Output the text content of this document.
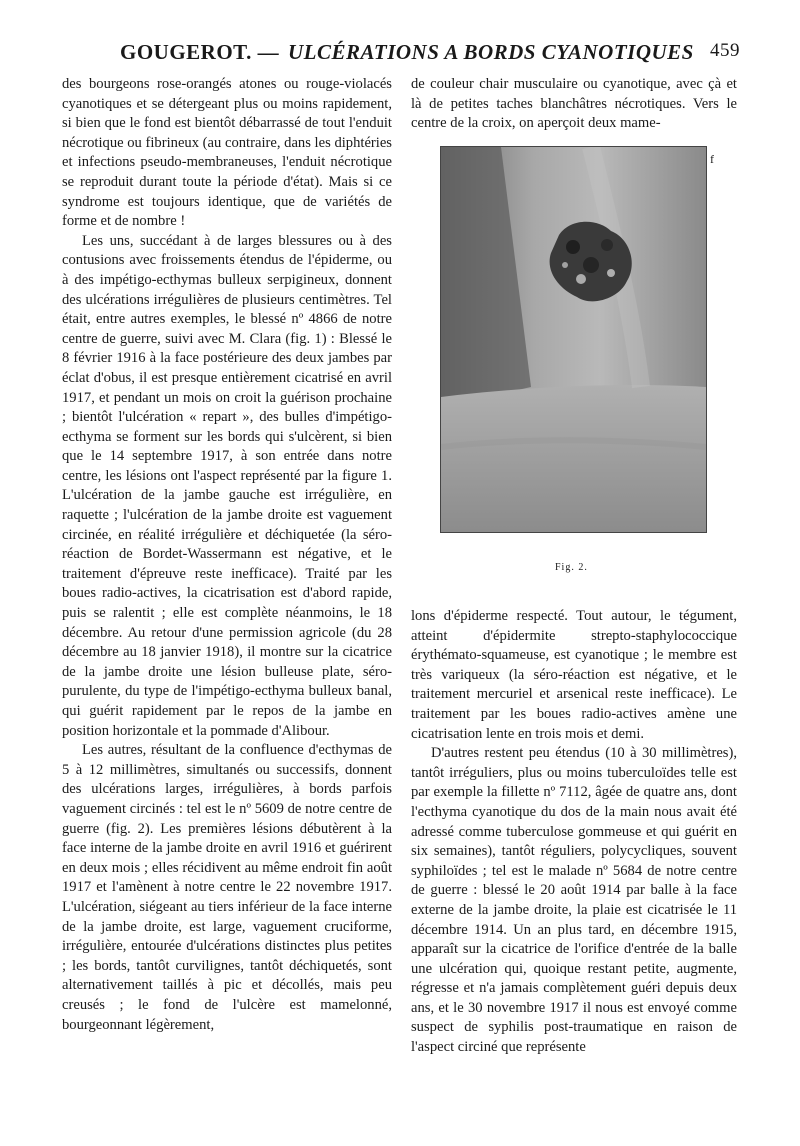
GOUGEROT. — ULCÉRATIONS A BORDS CYANOTIQUES 459

des bourgeons rose-orangés atones ou rouge-violacés cyanotiques et se détergeant plus ou moins rapidement, si bien que le fond est bientôt débarrassé de tout l'enduit nécrotique ou fibrineux (au contraire, dans les diphtéries et infections pseudo-membraneuses, l'enduit nécrotique se reproduit durant toute la période d'état). Mais si ce syndrome est toujours identique, que de variétés de forme et de nombre !

Les uns, succédant à de larges blessures ou à des contusions avec froissements étendus de l'épiderme, ou à des impétigo-ecthymas bulleux serpigineux, donnent des ulcérations irrégulières de plusieurs centimètres. Tel était, entre autres exemples, le blessé nº 4866 de notre centre de guerre, suivi avec M. Clara (fig. 1) : Blessé le 8 février 1916 à la face postérieure des deux jambes par éclat d'obus, il est presque entièrement cicatrisé en avril 1917, et pendant un mois on croit la guérison prochaine ; bientôt l'ulcération « repart », des bulles d'impétigo-ecthyma se forment sur les bords qui s'ulcèrent, si bien que le 14 septembre 1917, à son entrée dans notre centre, les lésions ont l'aspect représenté par la figure 1. L'ulcération de la jambe gauche est irrégulière, en raquette ; l'ulcération de la jambe droite est vaguement circinée, en réalité irrégulière et déchiquetée (la séro-réaction de Bordet-Wassermann est négative, et le traitement d'épreuve reste inefficace). Traité par les boues radio-actives, la cicatrisation est d'abord rapide, puis se ralentit ; elle est complète néanmoins, le 18 décembre. Au retour d'une permission agricole (du 28 décembre au 18 janvier 1918), il montre sur la cicatrice de la jambe droite une lésion bulleuse plate, séro-purulente, du type de l'impétigo-ecthyma bulleux banal, qui guérit rapidement par le repos de la jambe en position horizontale et la pommade d'Alibour.

Les autres, résultant de la confluence d'ecthymas de 5 à 12 millimètres, simultanés ou successifs, donnent des ulcérations larges, irrégulières, à bords parfois vaguement circinés : tel est le nº 5609 de notre centre de guerre (fig. 2). Les premières lésions débutèrent à la face interne de la jambe droite en avril 1916 et guérirent en deux mois ; elles récidivent au même endroit fin août 1917 et l'amènent à notre centre le 22 novembre 1917. L'ulcération, siégeant au tiers inférieur de la face interne de la jambe droite, est large, vaguement cruciforme, irrégulière, entourée d'ulcérations distinctes plus petites ; les bords, tantôt curvilignes, tantôt déchiquetés, sont alternativement taillés à pic et décollés, mais peu creusés ; le fond de l'ulcère est mamelonné, bourgeonnant légèrement,

de couleur chair musculaire ou cyanotique, avec çà et là de petites taches blanchâtres nécrotiques. Vers le centre de la croix, on aperçoit deux mame-

f
Fig. 2.

lons d'épiderme respecté. Tout autour, le tégument, atteint d'épidermite strepto-staphylococcique érythémato-squameuse, est cyanotique ; le membre est très variqueux (la séro-réaction est négative, et le traitement mercuriel et arsenical reste inefficace). Le traitement par les boues radio-actives amène une cicatrisation lente en trois mois et demi.

D'autres restent peu étendus (10 à 30 millimètres), tantôt irréguliers, plus ou moins tuberculoïdes telle est par exemple la fillette nº 7112, âgée de quatre ans, dont l'ecthyma cyanotique du dos de la main nous avait été adressé comme tuberculose gommeuse et qui guérit en six semaines), tantôt réguliers, polycycliques, souvent syphiloïdes ; tel est le malade nº 5684 de notre centre de guerre : blessé le 20 août 1914 par balle à la face externe de la jambe droite, la plaie est cicatrisée le 11 décembre 1914. Un an plus tard, en décembre 1915, apparaît sur la cicatrice de l'orifice d'entrée de la balle une ulcération qui, quoique restant petite, augmente, régresse et n'a jamais complètement guéri depuis deux ans, et le 30 novembre 1917 il nous est envoyé comme suspect de syphilis post-traumatique en raison de l'aspect circiné que représente
